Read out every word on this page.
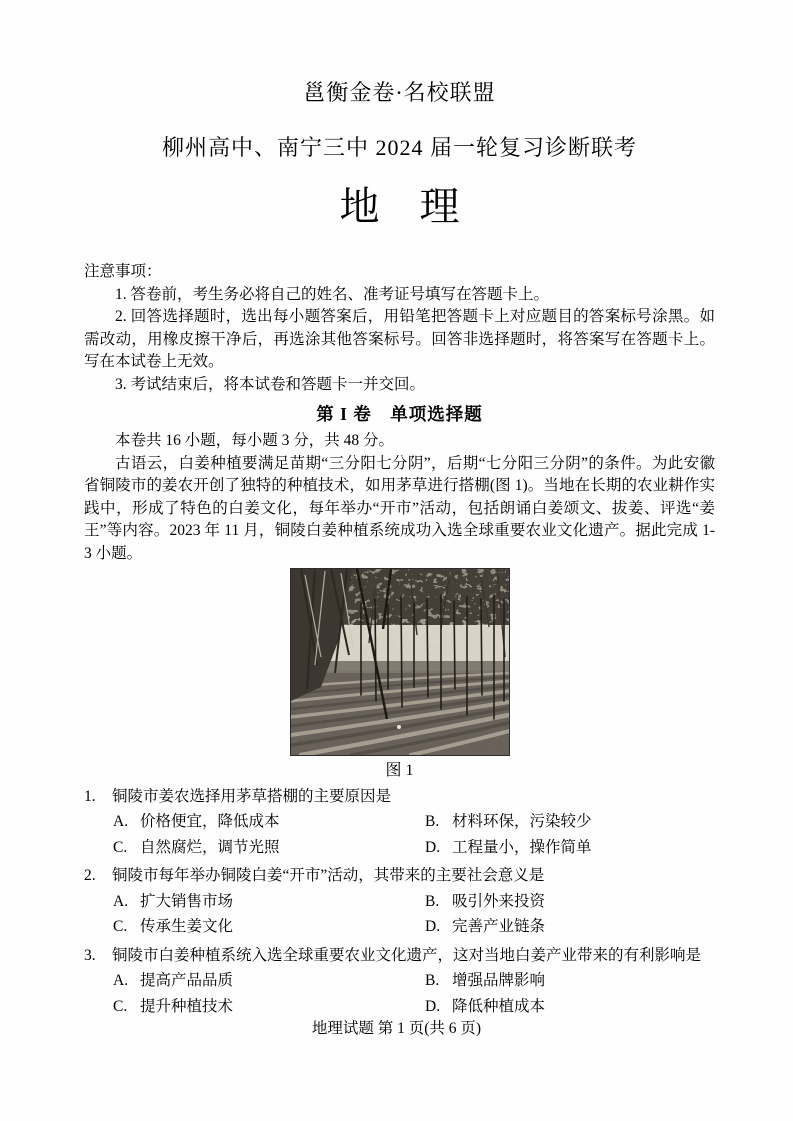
邕衡金卷·名校联盟
柳州高中、南宁三中 2024 届一轮复习诊断联考
地　理

注意事项：

1. 答卷前，考生务必将自己的姓名、准考证号填写在答题卡上。

2. 回答选择题时，选出每小题答案后，用铅笔把答题卡上对应题目的答案标号涂黑。如需改动，用橡皮擦干净后，再选涂其他答案标号。回答非选择题时，将答案写在答题卡上。写在本试卷上无效。

3. 考试结束后，将本试卷和答题卡一并交回。

第 I 卷　单项选择题

本卷共 16 小题，每小题 3 分，共 48 分。

古语云，白姜种植要满足苗期“三分阳七分阴”，后期“七分阳三分阴”的条件。为此安徽省铜陵市的姜农开创了独特的种植技术，如用茅草进行搭棚(图 1)。当地在长期的农业耕作实践中，形成了特色的白姜文化，每年举办“开市”活动，包括朗诵白姜颂文、拔姜、评选“姜王”等内容。2023 年 11 月，铜陵白姜种植系统成功入选全球重要农业文化遗产。据此完成 1-3 小题。

图 1

1. 铜陵市姜农选择用茅草搭棚的主要原因是

A. 价格便宜，降低成本	B. 材料环保，污染较少
C. 自然腐烂，调节光照	D. 工程量小，操作简单

2. 铜陵市每年举办铜陵白姜“开市”活动，其带来的主要社会意义是

A. 扩大销售市场	B. 吸引外来投资
C. 传承生姜文化	D. 完善产业链条

3. 铜陵市白姜种植系统入选全球重要农业文化遗产，这对当地白姜产业带来的有利影响是

A. 提高产品品质	B. 增强品牌影响
C. 提升种植技术	D. 降低种植成本
地理试题 第 1 页(共 6 页)
